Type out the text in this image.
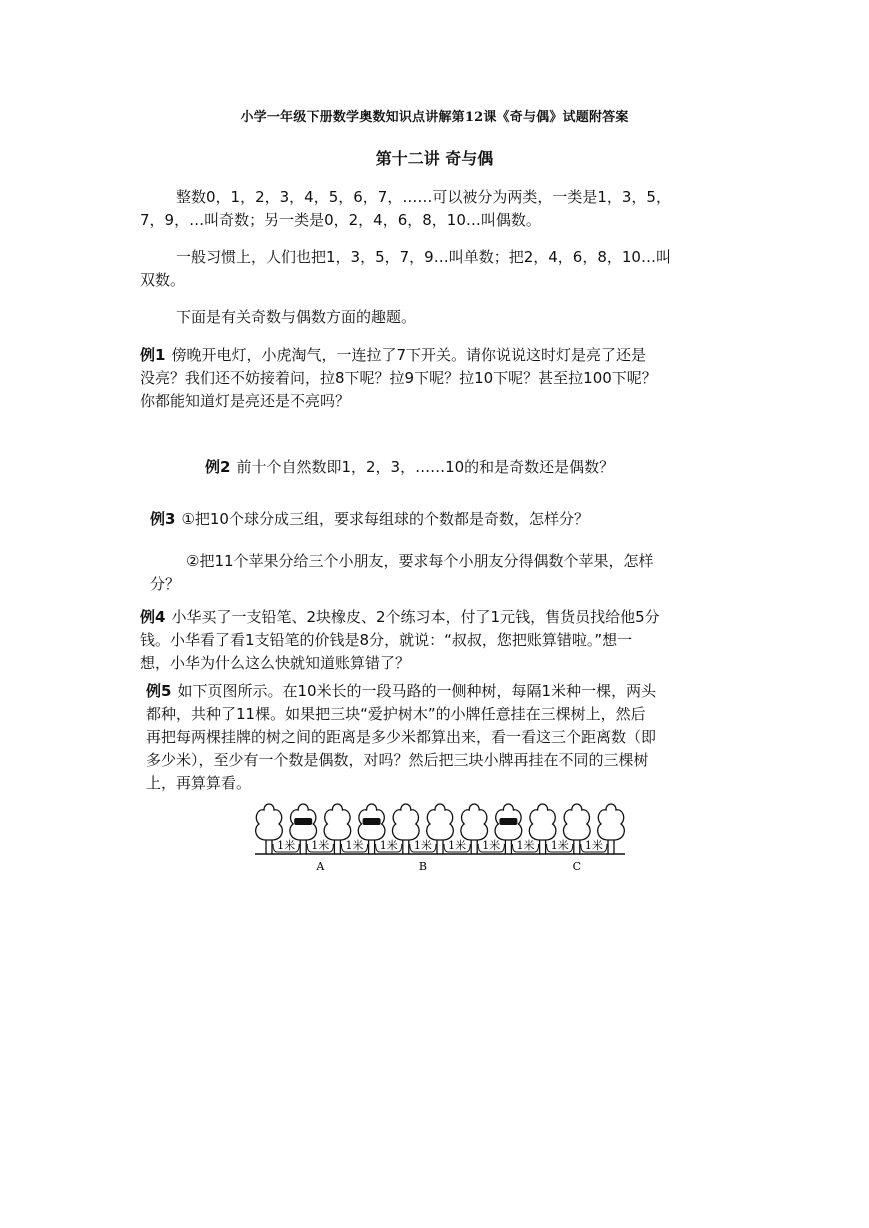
小学一年级下册数学奥数知识点讲解第12课《奇与偶》试题附答案
第十二讲 奇与偶
整数0，1，2，3，4，5，6，7，……可以被分为两类，一类是1，3，5，
7，9，…叫奇数；另一类是0，2，4，6，8，10…叫偶数。
一般习惯上，人们也把1，3，5，7，9…叫单数；把2，4，6，8，10…叫
双数。
下面是有关奇数与偶数方面的趣题。
例1 傍晚开电灯，小虎淘气，一连拉了7下开关。请你说说这时灯是亮了还是
没亮？我们还不妨接着问，拉8下呢？拉9下呢？拉10下呢？甚至拉100下呢？
你都能知道灯是亮还是不亮吗？
例2 前十个自然数即1，2，3，……10的和是奇数还是偶数？
例3 ①把10个球分成三组，要求每组球的个数都是奇数，怎样分？
②把11个苹果分给三个小朋友，要求每个小朋友分得偶数个苹果，怎样
分？
例4 小华买了一支铅笔、2块橡皮、2个练习本，付了1元钱，售货员找给他5分
钱。小华看了看1支铅笔的价钱是8分，就说：“叔叔，您把账算错啦。”想一
想，小华为什么这么快就知道账算错了？
例5 如下页图所示。在10米长的一段马路的一侧种树，每隔1米种一棵，两头
都种，共种了11棵。如果把三块“爱护树木”的小牌任意挂在三棵树上，然后
再把每两棵挂牌的树之间的距离是多少米都算出来，看一看这三个距离数（即
多少米），至少有一个数是偶数，对吗？然后把三块小牌再挂在不同的三棵树
上，再算算看。
1米 1米 1米 1米 1米 1米 1米 1米 1米 1米
A	B	C
